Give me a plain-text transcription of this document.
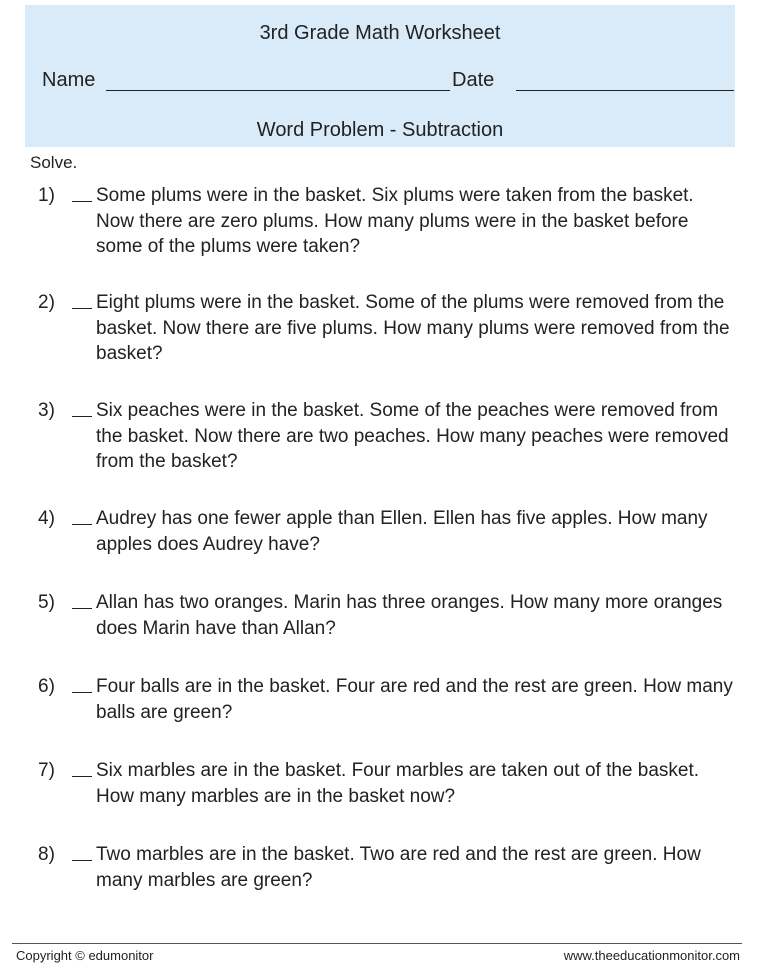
3rd Grade Math Worksheet
Name	Date
Word Problem - Subtraction
Solve.
1) Some plums were in the basket. Six plums were taken from the basket. Now there are zero plums. How many plums were in the basket before some of the plums were taken?
2) Eight plums were in the basket. Some of the plums were removed from the basket. Now there are five plums. How many plums were removed from the basket?
3) Six peaches were in the basket. Some of the peaches were removed from the basket. Now there are two peaches. How many peaches were removed from the basket?
4) Audrey has one fewer apple than Ellen. Ellen has five apples. How many apples does Audrey have?
5) Allan has two oranges. Marin has three oranges. How many more oranges does Marin have than Allan?
6) Four balls are in the basket. Four are red and the rest are green. How many balls are green?
7) Six marbles are in the basket. Four marbles are taken out of the basket. How many marbles are in the basket now?
8) Two marbles are in the basket. Two are red and the rest are green. How many marbles are green?
Copyright © edumonitor	www.theeducationmonitor.com
